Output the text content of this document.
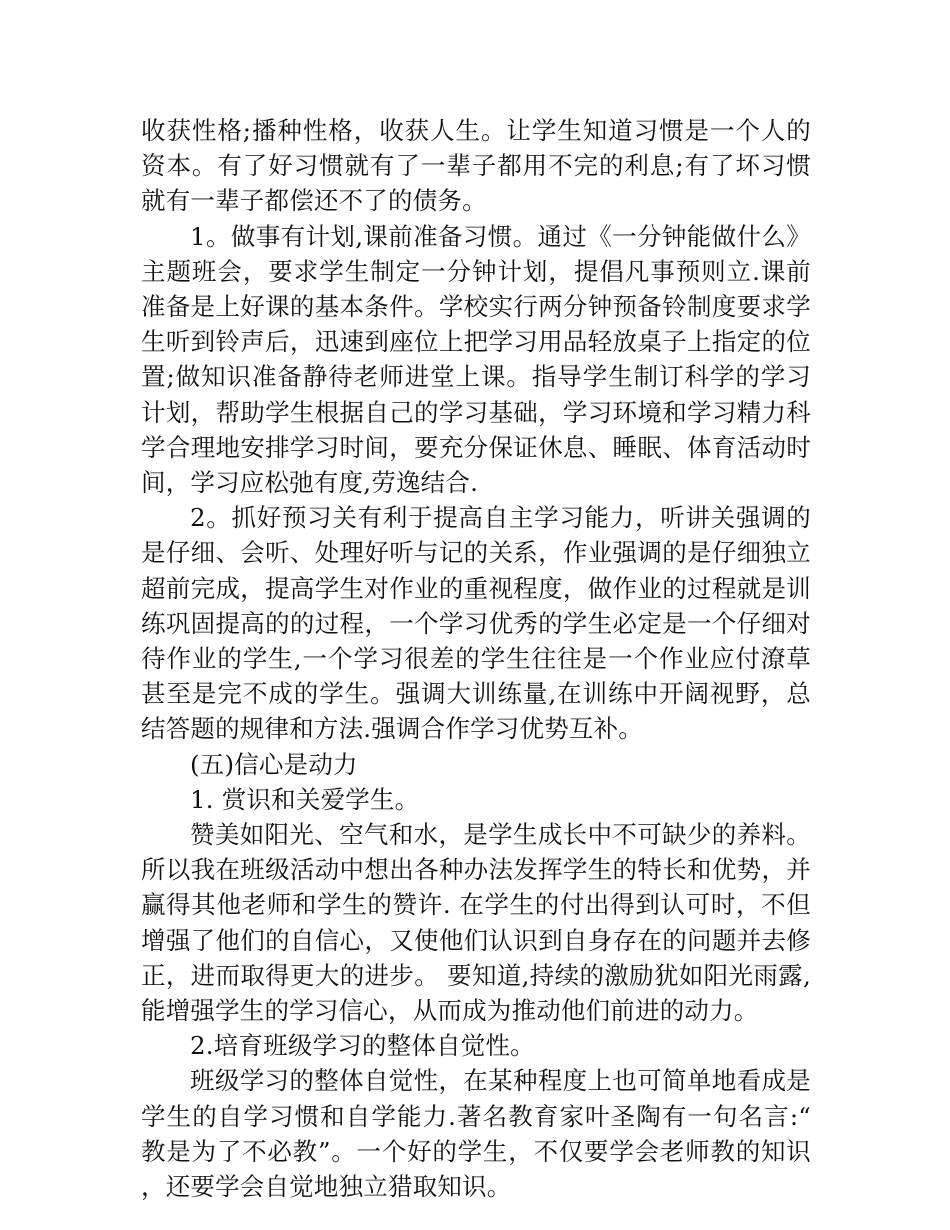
收获性格;播种性格，收获人生。让学生知道习惯是一个人的资本。有了好习惯就有了一辈子都用不完的利息;有了坏习惯就有一辈子都偿还不了的债务。

1。做事有计划,课前准备习惯。通过《一分钟能做什么》主题班会，要求学生制定一分钟计划，提倡凡事预则立.课前准备是上好课的基本条件。学校实行两分钟预备铃制度要求学生听到铃声后，迅速到座位上把学习用品轻放桌子上指定的位置;做知识准备静待老师进堂上课。指导学生制订科学的学习计划，帮助学生根据自己的学习基础，学习环境和学习精力科学合理地安排学习时间，要充分保证休息、睡眠、体育活动时间，学习应松弛有度,劳逸结合.

2。抓好预习关有利于提高自主学习能力，听讲关强调的是仔细、会听、处理好听与记的关系，作业强调的是仔细独立超前完成，提高学生对作业的重视程度，做作业的过程就是训练巩固提高的的过程，一个学习优秀的学生必定是一个仔细对待作业的学生,一个学习很差的学生往往是一个作业应付潦草甚至是完不成的学生。强调大训练量,在训练中开阔视野，总结答题的规律和方法.强调合作学习优势互补。

(五)信心是动力

1. 赏识和关爱学生。

赞美如阳光、空气和水，是学生成长中不可缺少的养料。所以我在班级活动中想出各种办法发挥学生的特长和优势，并赢得其他老师和学生的赞许. 在学生的付出得到认可时，不但增强了他们的自信心，又使他们认识到自身存在的问题并去修正，进而取得更大的进步。 要知道,持续的激励犹如阳光雨露,能增强学生的学习信心，从而成为推动他们前进的动力。

2.培育班级学习的整体自觉性。

班级学习的整体自觉性，在某种程度上也可简单地看成是学生的自学习惯和自学能力.著名教育家叶圣陶有一句名言:“教是为了不必教”。一个好的学生，不仅要学会老师教的知识，还要学会自觉地独立猎取知识。
